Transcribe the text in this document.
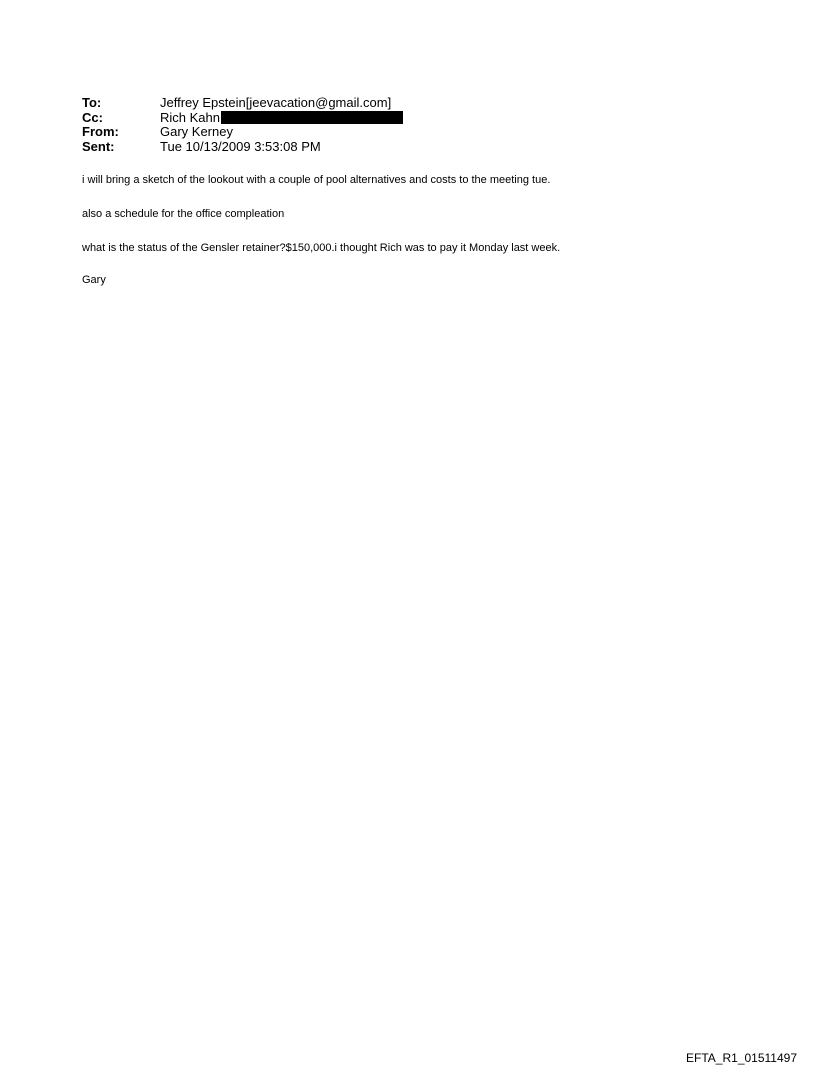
To:	Jeffrey Epstein[jeevacation@gmail.com]
Cc:	Rich Kahn
From:	Gary Kerney
Sent:	Tue 10/13/2009 3:53:08 PM

i will bring a sketch of the lookout with a couple of pool alternatives and costs to the meeting tue.

also a schedule for the office compleation

what is the status of the Gensler retainer?$150,000.i thought Rich was to pay it Monday last week.

Gary

EFTA_R1_01511497
